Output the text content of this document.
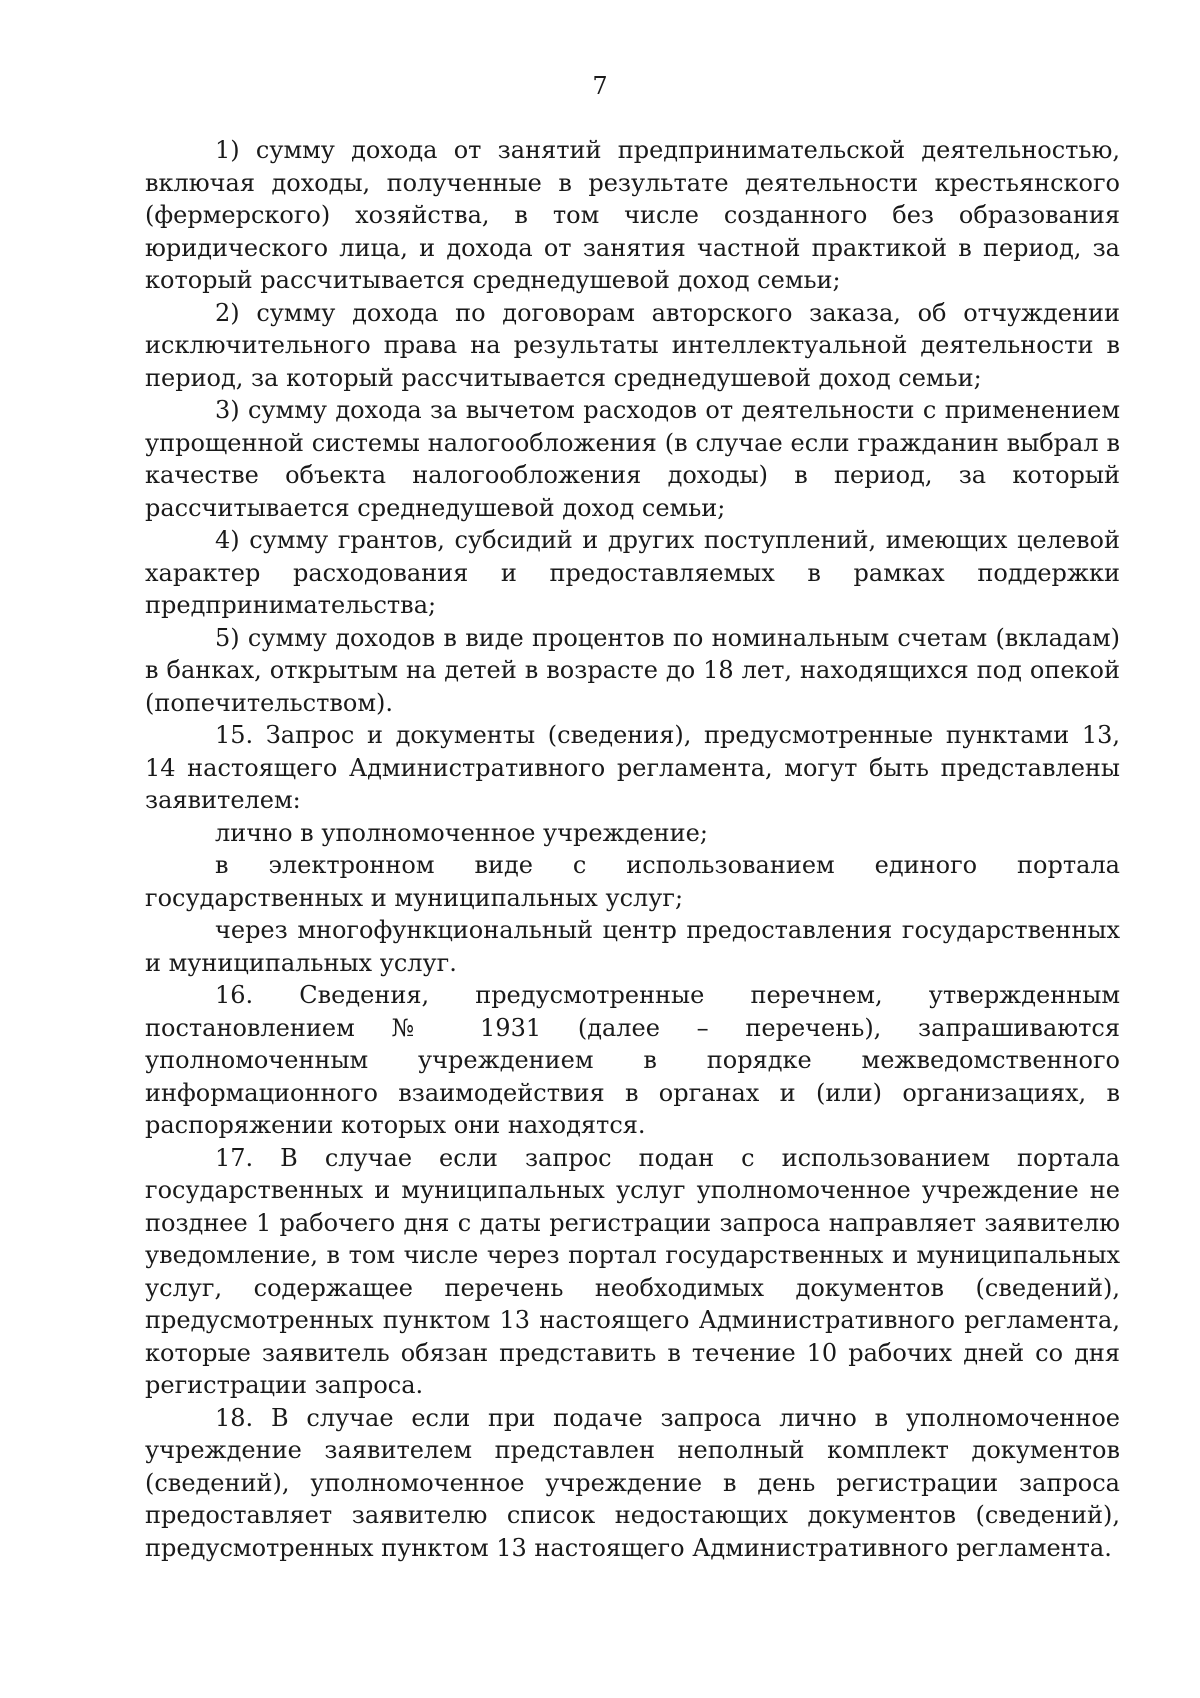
7

1) сумму дохода от занятий предпринимательской деятельностью, включая доходы, полученные в результате деятельности крестьянского (фермерского) хозяйства, в том числе созданного без образования юридического лица, и дохода от занятия частной практикой в период, за который рассчитывается среднедушевой доход семьи;

2) сумму дохода по договорам авторского заказа, об отчуждении исключительного права на результаты интеллектуальной деятельности в период, за который рассчитывается среднедушевой доход семьи;

3) сумму дохода за вычетом расходов от деятельности с применением упрощенной системы налогообложения (в случае если гражданин выбрал в качестве объекта налогообложения доходы) в период, за который рассчитывается среднедушевой доход семьи;

4) сумму грантов, субсидий и других поступлений, имеющих целевой характер расходования и предоставляемых в рамках поддержки предпринимательства;

5) сумму доходов в виде процентов по номинальным счетам (вкладам) в банках, открытым на детей в возрасте до 18 лет, находящихся под опекой (попечительством).

15. Запрос и документы (сведения), предусмотренные пунктами 13, 14 настоящего Административного регламента, могут быть представлены заявителем:

лично в уполномоченное учреждение;

в электронном виде с использованием единого портала государственных и муниципальных услуг;

через многофункциональный центр предоставления государственных и муниципальных услуг.

16. Сведения, предусмотренные перечнем, утвержденным постановлением № 1931 (далее – перечень), запрашиваются уполномоченным учреждением в порядке межведомственного информационного взаимодействия в органах и (или) организациях, в распоряжении которых они находятся.

17. В случае если запрос подан с использованием портала государственных и муниципальных услуг уполномоченное учреждение не позднее 1 рабочего дня с даты регистрации запроса направляет заявителю уведомление, в том числе через портал государственных и муниципальных услуг, содержащее перечень необходимых документов (сведений), предусмотренных пунктом 13 настоящего Административного регламента, которые заявитель обязан представить в течение 10 рабочих дней со дня регистрации запроса.

18. В случае если при подаче запроса лично в уполномоченное учреждение заявителем представлен неполный комплект документов (сведений), уполномоченное учреждение в день регистрации запроса предоставляет заявителю список недостающих документов (сведений), предусмотренных пунктом 13 настоящего Административного регламента.
